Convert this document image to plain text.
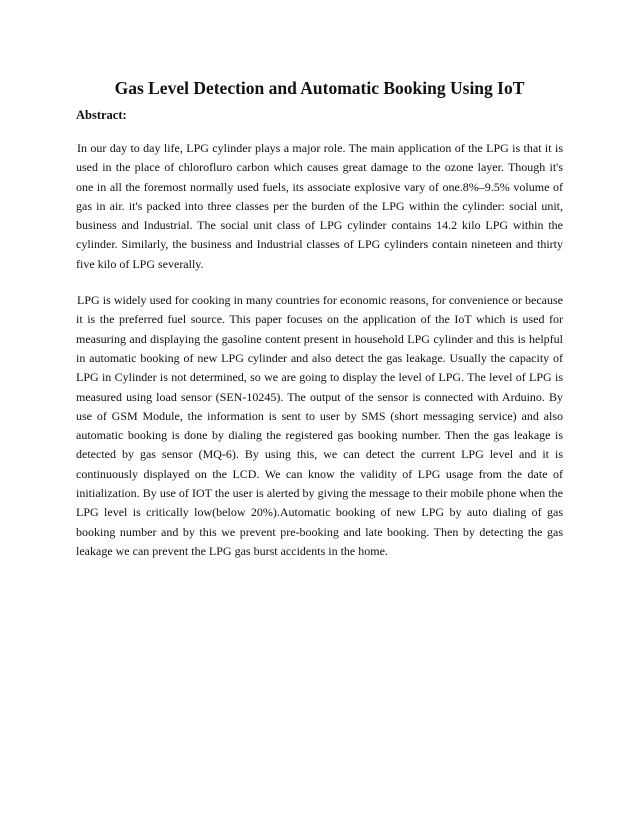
Gas Level Detection and Automatic Booking Using IoT
Abstract:

In our day to day life, LPG cylinder plays a major role. The main application of the LPG is that it is used in the place of chlorofluro carbon which causes great damage to the ozone layer. Though it's one in all the foremost normally used fuels, its associate explosive vary of one.8%–9.5% volume of gas in air. it's packed into three classes per the burden of the LPG within the cylinder: social unit, business and Industrial. The social unit class of LPG cylinder contains 14.2 kilo LPG within the cylinder. Similarly, the business and Industrial classes of LPG cylinders contain nineteen and thirty five kilo of LPG severally.

LPG is widely used for cooking in many countries for economic reasons, for convenience or because it is the preferred fuel source. This paper focuses on the application of the IoT which is used for measuring and displaying the gasoline content present in household LPG cylinder and this is helpful in automatic booking of new LPG cylinder and also detect the gas leakage. Usually the capacity of LPG in Cylinder is not determined, so we are going to display the level of LPG. The level of LPG is measured using load sensor (SEN-10245). The output of the sensor is connected with Arduino. By use of GSM Module, the information is sent to user by SMS (short messaging service) and also automatic booking is done by dialing the registered gas booking number. Then the gas leakage is detected by gas sensor (MQ-6). By using this, we can detect the current LPG level and it is continuously displayed on the LCD. We can know the validity of LPG usage from the date of initialization. By use of IOT the user is alerted by giving the message to their mobile phone when the LPG level is critically low(below 20%).Automatic booking of new LPG by auto dialing of gas booking number and by this we prevent pre-booking and late booking. Then by detecting the gas leakage we can prevent the LPG gas burst accidents in the home.
